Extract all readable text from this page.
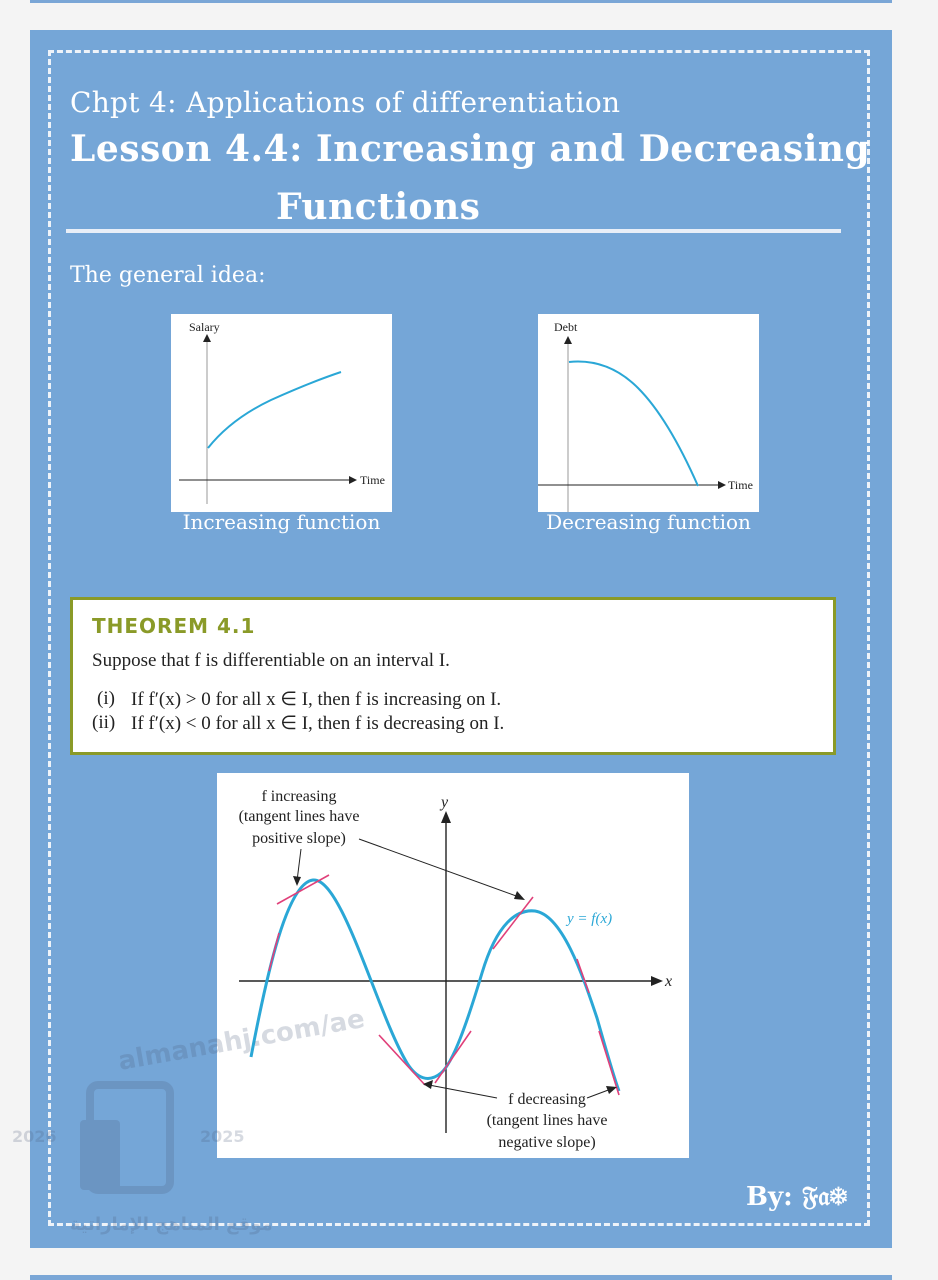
Chpt 4: Applications of differentiation
Lesson 4.4: Increasing and Decreasing
Functions
The general idea:
Salary
Time
Increasing function
Debt
Time
Decreasing function
THEOREM 4.1
Suppose that f is differentiable on an interval I.
(i) If f′(x) > 0 for all x ∈ I, then f is increasing on I.
(ii) If f′(x) < 0 for all x ∈ I, then f is decreasing on I.
y
x
y = f(x)
f increasing
(tangent lines have
positive slope)
f decreasing
(tangent lines have
negative slope)
almanahj.com/ae
2026	2025
موقع المناهج الإماراتية
By: 𝔉𝔞❄
